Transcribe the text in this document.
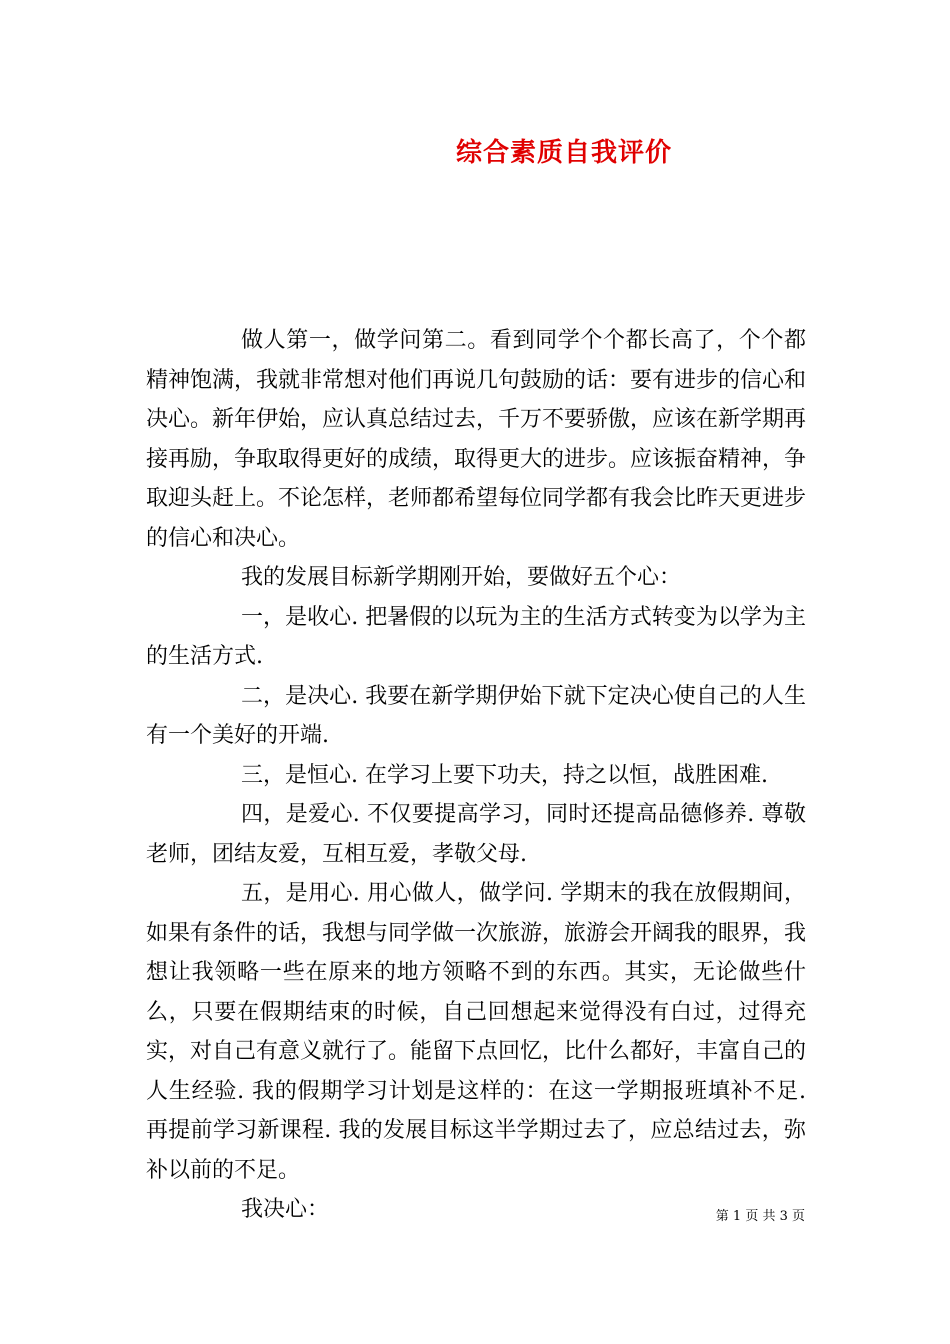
综合素质自我评价

做人第一，做学问第二。看到同学个个都长高了，个个都精神饱满，我就非常想对他们再说几句鼓励的话：要有进步的信心和决心。新年伊始，应认真总结过去，千万不要骄傲，应该在新学期再接再励，争取取得更好的成绩，取得更大的进步。应该振奋精神，争取迎头赶上。不论怎样，老师都希望每位同学都有我会比昨天更进步的信心和决心。

我的发展目标新学期刚开始，要做好五个心：

一，是收心. 把暑假的以玩为主的生活方式转变为以学为主的生活方式.

二，是决心. 我要在新学期伊始下就下定决心使自己的人生有一个美好的开端.

三，是恒心. 在学习上要下功夫，持之以恒，战胜困难.

四，是爱心. 不仅要提高学习，同时还提高品德修养. 尊敬老师，团结友爱，互相互爱，孝敬父母.

五，是用心. 用心做人，做学问. 学期末的我在放假期间，如果有条件的话，我想与同学做一次旅游，旅游会开阔我的眼界，我想让我领略一些在原来的地方领略不到的东西。其实，无论做些什么，只要在假期结束的时候，自己回想起来觉得没有白过，过得充实，对自己有意义就行了。能留下点回忆，比什么都好，丰富自己的人生经验. 我的假期学习计划是这样的：在这一学期报班填补不足. 再提前学习新课程. 我的发展目标这半学期过去了，应总结过去，弥补以前的不足。

我决心：	第 1 页 共 3 页
